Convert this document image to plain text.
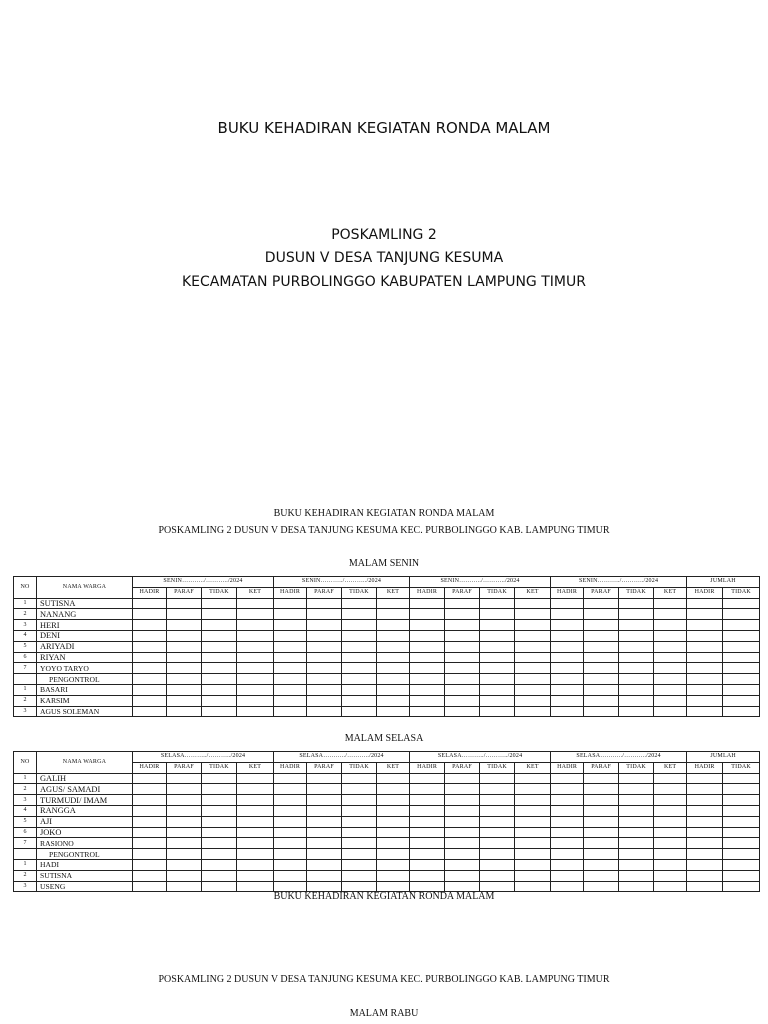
BUKU KEHADIRAN KEGIATAN RONDA MALAM
POSKAMLING 2
DUSUN V DESA TANJUNG KESUMA
KECAMATAN PURBOLINGGO KABUPATEN LAMPUNG TIMUR
BUKU KEHADIRAN KEGIATAN RONDA MALAM
POSKAMLING 2 DUSUN V DESA TANJUNG KESUMA KEC. PURBOLINGGO KAB. LAMPUNG TIMUR
MALAM SENIN
NO	NAMA WARGA	SENIN………../………../2024				SENIN………../………../2024				SENIN………../………../2024				SENIN………../………../2024				JUMLAH	
		HADIR	PARAF	TIDAK	KET	HADIR	PARAF	TIDAK	KET	HADIR	PARAF	TIDAK	KET	HADIR	PARAF	TIDAK	KET	HADIR	TIDAK
1	SUTISNA																		
2	NANANG																		
3	HERI																		
4	DENI																		
5	ARIYADI																		
6	RIYAN																		
7	YOYO TARYO																		
	PENGONTROL																		
1	BASARI																		
2	KARSIM																		
3	AGUS SOLEMAN																		
MALAM SELASA
NO	NAMA WARGA	SELASA………../………../2024				SELASA………../………../2024				SELASA………../………../2024				SELASA………../………../2024				JUMLAH	
		HADIR	PARAF	TIDAK	KET	HADIR	PARAF	TIDAK	KET	HADIR	PARAF	TIDAK	KET	HADIR	PARAF	TIDAK	KET	HADIR	TIDAK
1	GALIH																		
2	AGUS/ SAMADI																		
3	TURMUDI/ IMAM																		
4	RANGGA																		
5	AJI																		
6	JOKO																		
7	RASIONO																		
	PENGONTROL																		
1	HADI																		
2	SUTISNA																		
3	USENG																		
BUKU KEHADIRAN KEGIATAN RONDA MALAM
POSKAMLING 2 DUSUN V DESA TANJUNG KESUMA KEC. PURBOLINGGO KAB. LAMPUNG TIMUR
MALAM RABU
